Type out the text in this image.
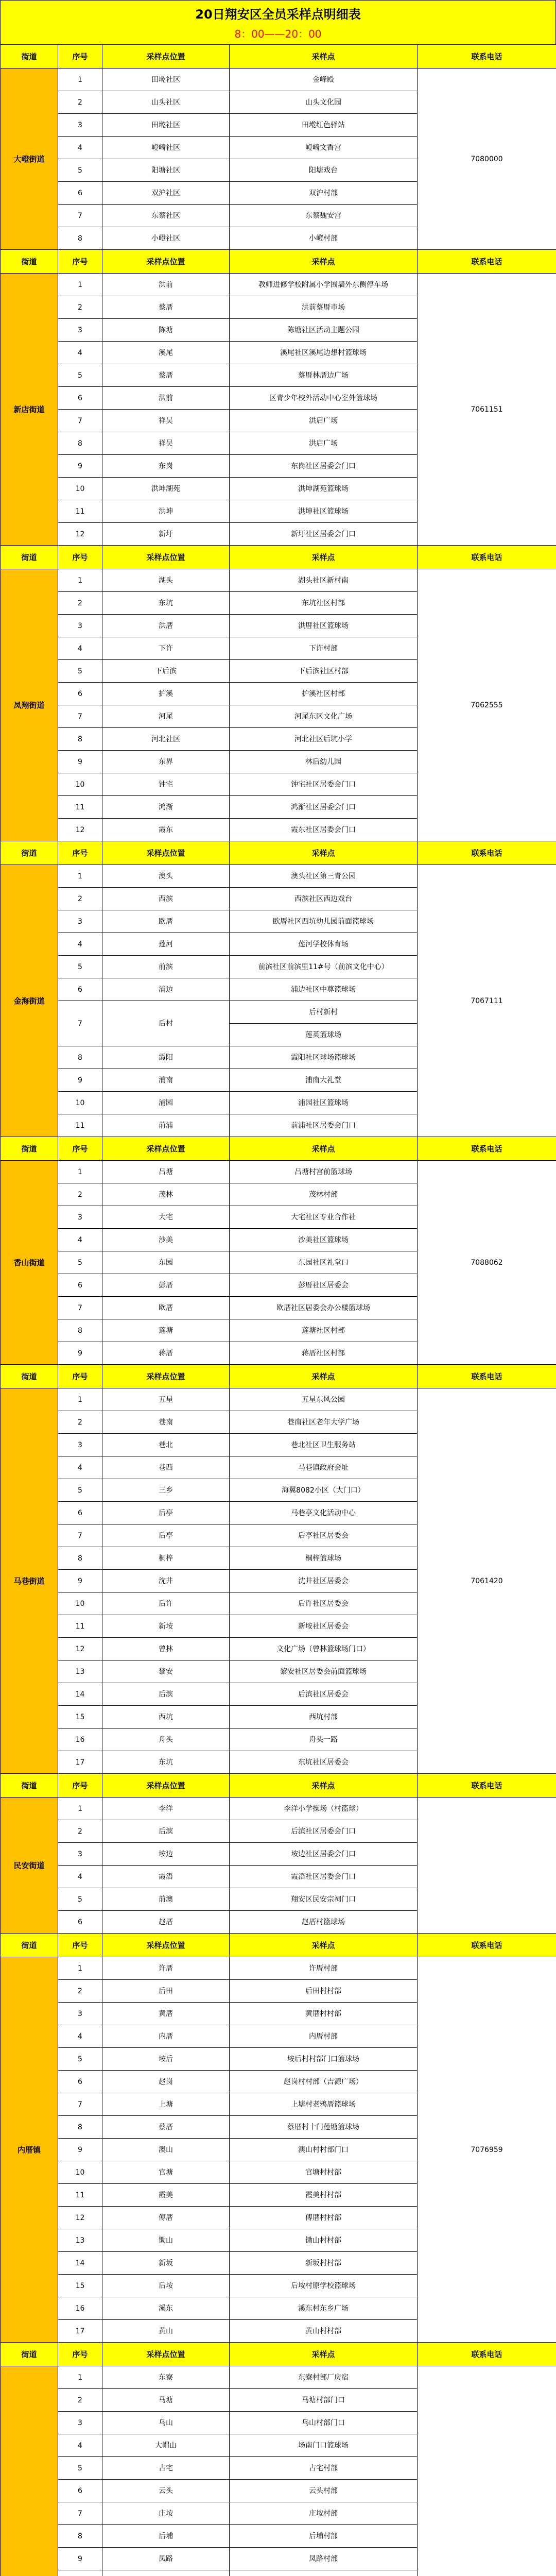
20日翔安区全员采样点明细表
8：00——20：00
街道	序号	采样点位置	采样点	联系电话
大嶝街道	1	田墘社区	金峰殿	7080000
	2	山头社区	山头文化园	
	3	田墘社区	田墘红色驿站	
	4	嶝崎社区	嶝崎文香宫	
	5	阳塘社区	阳塘戏台	
	6	双沪社区	双沪村部	
	7	东蔡社区	东蔡魏安宫	
	8	小嶝社区	小嶝村部	
街道	序号	采样点位置	采样点	联系电话
新店街道	1	洪前	教师进修学校附属小学围墙外东侧停车场	7061151
	2	蔡厝	洪前蔡厝市场	
	3	陈塘	陈塘社区活动主题公园	
	4	溪尾	溪尾社区溪尾边想村篮球场	
	5	蔡厝	蔡厝林厝边广场	
	6	洪前	区青少年校外活动中心室外篮球场	
	7	祥吴	洪启广场	
	8	祥吴	洪启广场	
	9	东岗	东岗社区居委会门口	
	10	洪坤湖苑	洪坤湖苑篮球场	
	11	洪坤	洪坤社区篮球场	
	12	新圩	新圩社区居委会门口	
街道	序号	采样点位置	采样点	联系电话
凤翔街道	1	湖头	湖头社区新村南	7062555
	2	东坑	东坑社区村部	
	3	洪厝	洪厝社区篮球场	
	4	下许	下许村部	
	5	下后滨	下后滨社区村部	
	6	护溪	护溪社区村部	
	7	河尾	河尾东区文化广场	
	8	河北社区	河北社区后坑小学	
	9	东界	林后幼儿园	
	10	钟宅	钟宅社区居委会门口	
	11	鸿渐	鸿渐社区居委会门口	
	12	霞东	霞东社区居委会门口	
街道	序号	采样点位置	采样点	联系电话
金海街道	1	澳头	澳头社区第三青公园	7067111
	2	西滨	西滨社区西边戏台	
	3	欧厝	欧厝社区西坑幼儿园前面篮球场	
	4	莲河	莲河学校体育场	
	5	前滨	前滨社区前滨里11#号（前滨文化中心）	
	6	浦边	浦边社区中尊篮球场	
	7	后村	后村新村	
			莲英篮球场	
	8	霞阳	霞阳社区球场篮球场	
	9	浦南	浦南大礼堂	
	10	浦园	浦园社区篮球场	
	11	前浦	前浦社区居委会门口	
街道	序号	采样点位置	采样点	联系电话
香山街道	1	吕塘	吕塘村宫前篮球场	7088062
	2	茂林	茂林村部	
	3	大宅	大宅社区专业合作社	
	4	沙美	沙美社区篮球场	
	5	东园	东园社区礼堂口	
	6	彭厝	彭厝社区居委会	
	7	欧厝	欧厝社区居委会办公楼篮球场	
	8	莲塘	莲塘社区村部	
	9	蒋厝	蒋厝社区村部	
街道	序号	采样点位置	采样点	联系电话
马巷街道	1	五星	五星东风公园	7061420
	2	巷南	巷南社区老年大学广场	
	3	巷北	巷北社区卫生服务站	
	4	巷西	马巷镇政府会址	
	5	三乡	海翼8082小区（大门口）	
	6	后亭	马巷亭文化活动中心	
	7	后亭	后亭社区居委会	
	8	桐梓	桐梓篮球场	
	9	沈井	沈井社区居委会	
	10	后许	后许社区居委会	
	11	新垵	新垵社区居委会	
	12	曾林	文化广场（曾林篮球场门口）	
	13	黎安	黎安社区居委会前面篮球场	
	14	后滨	后滨社区居委会	
	15	西坑	西坑村部	
	16	舟头	舟头一路	
	17	东坑	东坑社区居委会	
街道	序号	采样点位置	采样点	联系电话
民安街道	1	李洋	李洋小学操场（村篮球）	
	2	后滨	后滨社区居委会门口	
	3	垵边	垵边社区居委会门口	
	4	霞浯	霞浯社区居委会门口	
	5	前澳	翔安区民安宗祠门口	
	6	赵厝	赵厝村篮球场	
街道	序号	采样点位置	采样点	联系电话
内厝镇	1	许厝	许厝村部	7076959
	2	后田	后田村村部	
	3	黄厝	黄厝村村部	
	4	内厝	内厝村部	
	5	垵后	垵后村村部门口篮球场	
	6	赵岗	赵岗村村部（吉源广场）	
	7	上塘	上塘村老鸦厝篮球场	
	8	蔡厝	蔡厝村十门莲塘篮球场	
	9	澳山	澳山村村部门口	
	10	官塘	官塘村村部	
	11	霞美	霞美村村部	
	12	傅厝	傅厝村村部	
	13	锄山	锄山村村部	
	14	新坂	新坂村村部	
	15	后垵	后垵村原学校篮球场	
	16	溪东	溪东村东乡广场	
	17	黄山	黄山村村部	
街道	序号	采样点位置	采样点	联系电话
	1	东寮	东寮村部厂房宿	
	2	马塘	马塘村部门口	
	3	乌山	乌山村部门口	
	4	大帽山	场南门口篮球场	
	5	古宅	古宅村部	
	6	云头	云头村部	
	7	庄垵	庄垵村部	
	8	后埔	后埔村部	
	9	凤路	凤路村部	
